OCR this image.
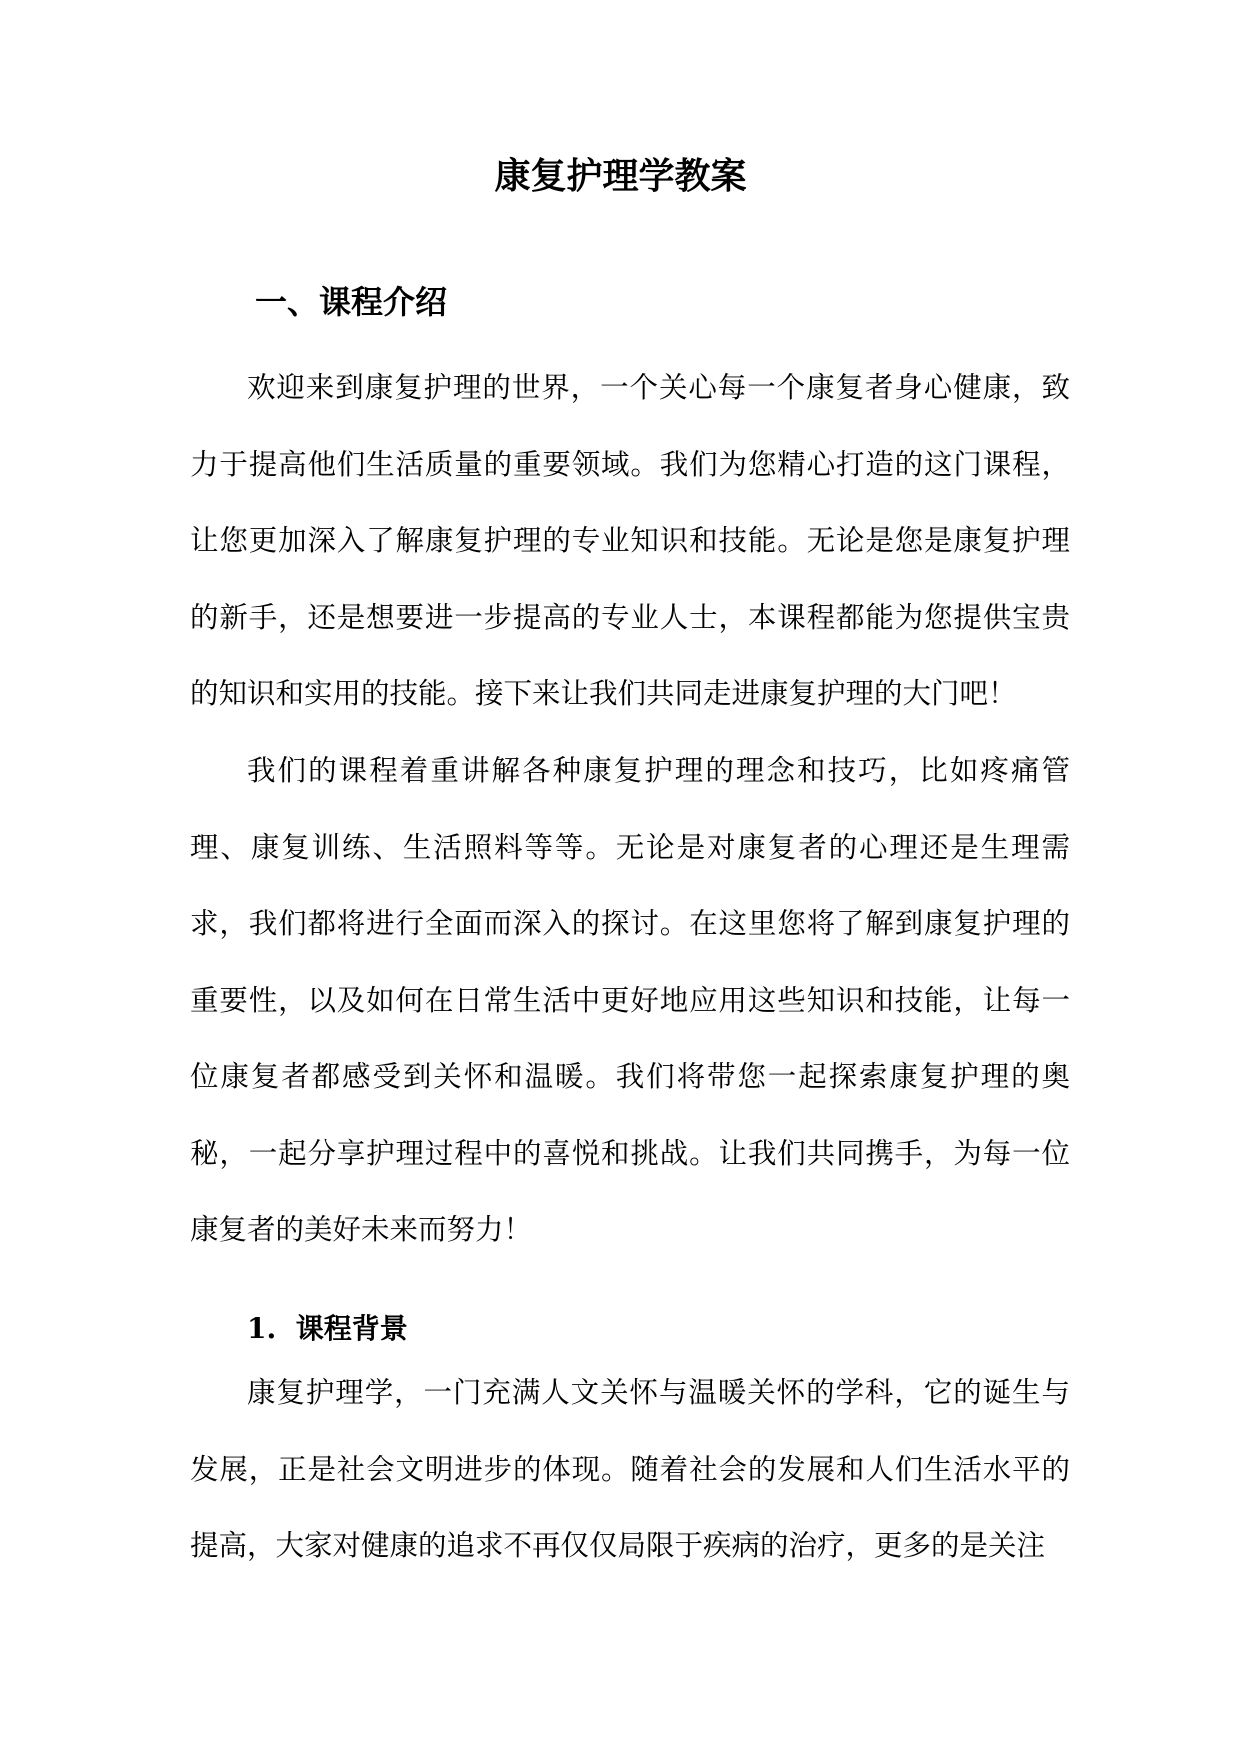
康复护理学教案
一、课程介绍

欢迎来到康复护理的世界，一个关心每一个康复者身心健康，致力于提高他们生活质量的重要领域。我们为您精心打造的这门课程，让您更加深入了解康复护理的专业知识和技能。无论是您是康复护理的新手，还是想要进一步提高的专业人士，本课程都能为您提供宝贵的知识和实用的技能。接下来让我们共同走进康复护理的大门吧！

我们的课程着重讲解各种康复护理的理念和技巧，比如疼痛管理、康复训练、生活照料等等。无论是对康复者的心理还是生理需求，我们都将进行全面而深入的探讨。在这里您将了解到康复护理的重要性，以及如何在日常生活中更好地应用这些知识和技能，让每一位康复者都感受到关怀和温暖。我们将带您一起探索康复护理的奥秘，一起分享护理过程中的喜悦和挑战。让我们共同携手，为每一位康复者的美好未来而努力！

1.  课程背景

康复护理学，一门充满人文关怀与温暖关怀的学科，它的诞生与发展，正是社会文明进步的体现。随着社会的发展和人们生活水平的提高，大家对健康的追求不再仅仅局限于疾病的治疗，更多的是关注
